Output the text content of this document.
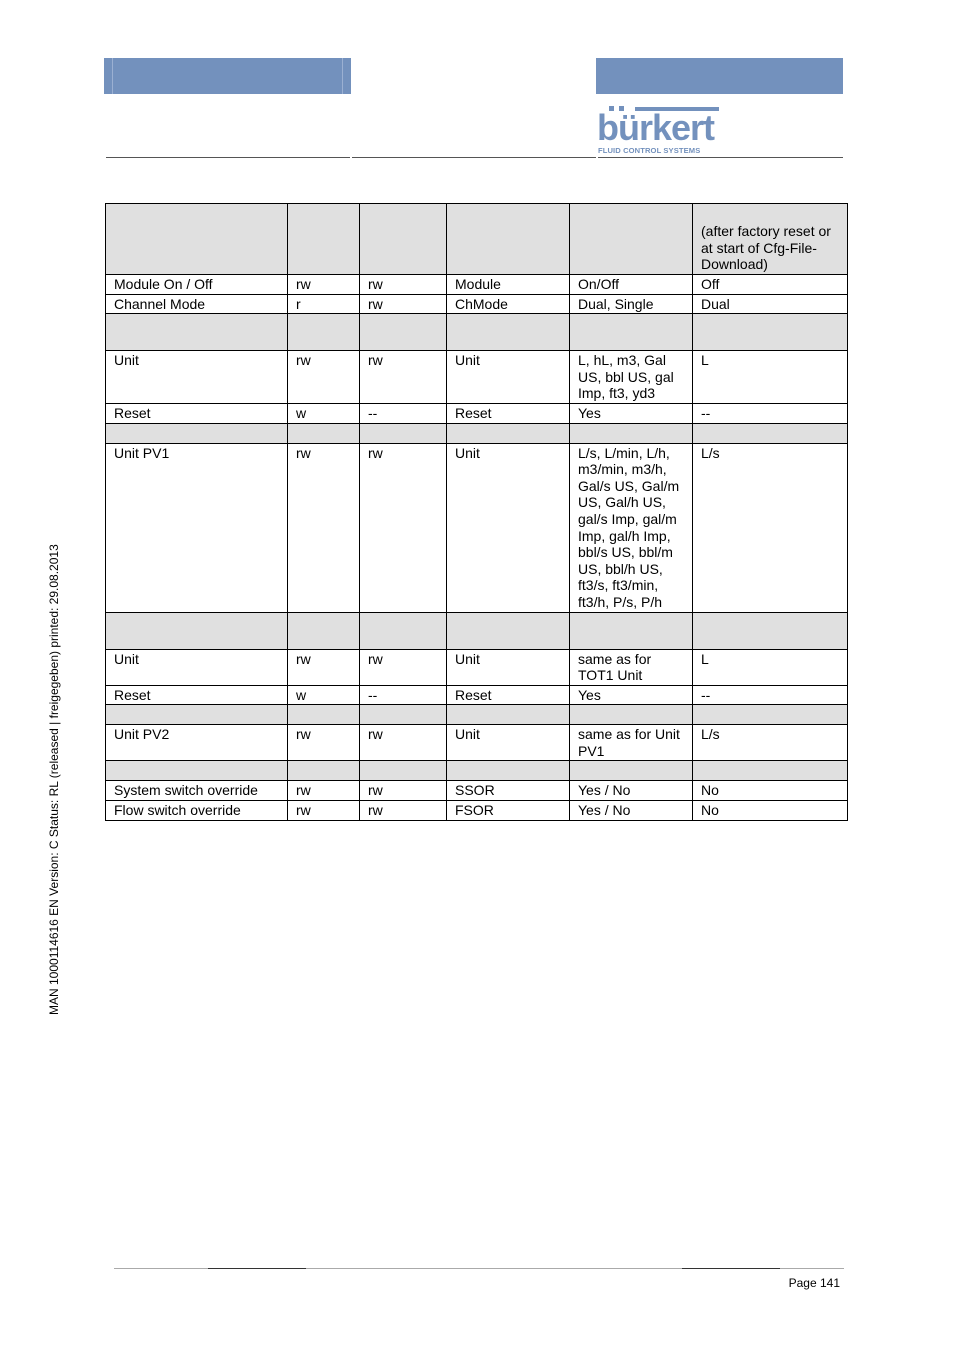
bürkert
FLUID CONTROL SYSTEMS
					(after factory reset or at start of Cfg-File-Download)
Module On / Off	rw	rw	Module	On/Off	Off
Channel Mode	r	rw	ChMode	Dual, Single	Dual

Unit	rw	rw	Unit	L, hL, m3, Gal US, bbl US, gal Imp, ft3, yd3	L
Reset	w	--	Reset	Yes	--

Unit PV1	rw	rw	Unit	L/s, L/min, L/h, m3/min, m3/h, Gal/s US, Gal/m US, Gal/h US, gal/s Imp, gal/m Imp, gal/h Imp, bbl/s US, bbl/m US, bbl/h US, ft3/s, ft3/min, ft3/h, P/s, P/h	L/s

Unit	rw	rw	Unit	same as for TOT1 Unit	L
Reset	w	--	Reset	Yes	--

Unit PV2	rw	rw	Unit	same as for Unit PV1	L/s

System switch override	rw	rw	SSOR	Yes / No	No
Flow switch override	rw	rw	FSOR	Yes / No	No
MAN 1000114616 EN Version: C Status: RL (released | freigegeben) printed: 29.08.2013
Page 141
